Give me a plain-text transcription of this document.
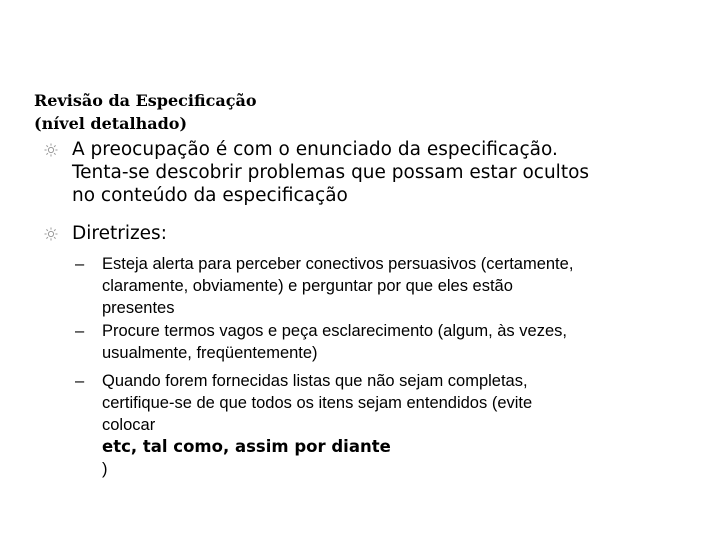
Revisão da Especificação
(nível detalhado)
A preocupação é com o enunciado da especificação.
Tenta-se descobrir problemas que possam estar ocultos
no conteúdo da especificação
Diretrizes:
– Esteja alerta para perceber conectivos persuasivos (certamente,
claramente, obviamente) e perguntar por que eles estão
presentes
– Procure termos vagos e peça esclarecimento (algum, às vezes,
usualmente, freqüentemente)
– Quando forem fornecidas listas que não sejam completas,
certifique-se de que todos os itens sejam entendidos (evite
colocar
etc, tal como, assim por diante
)
